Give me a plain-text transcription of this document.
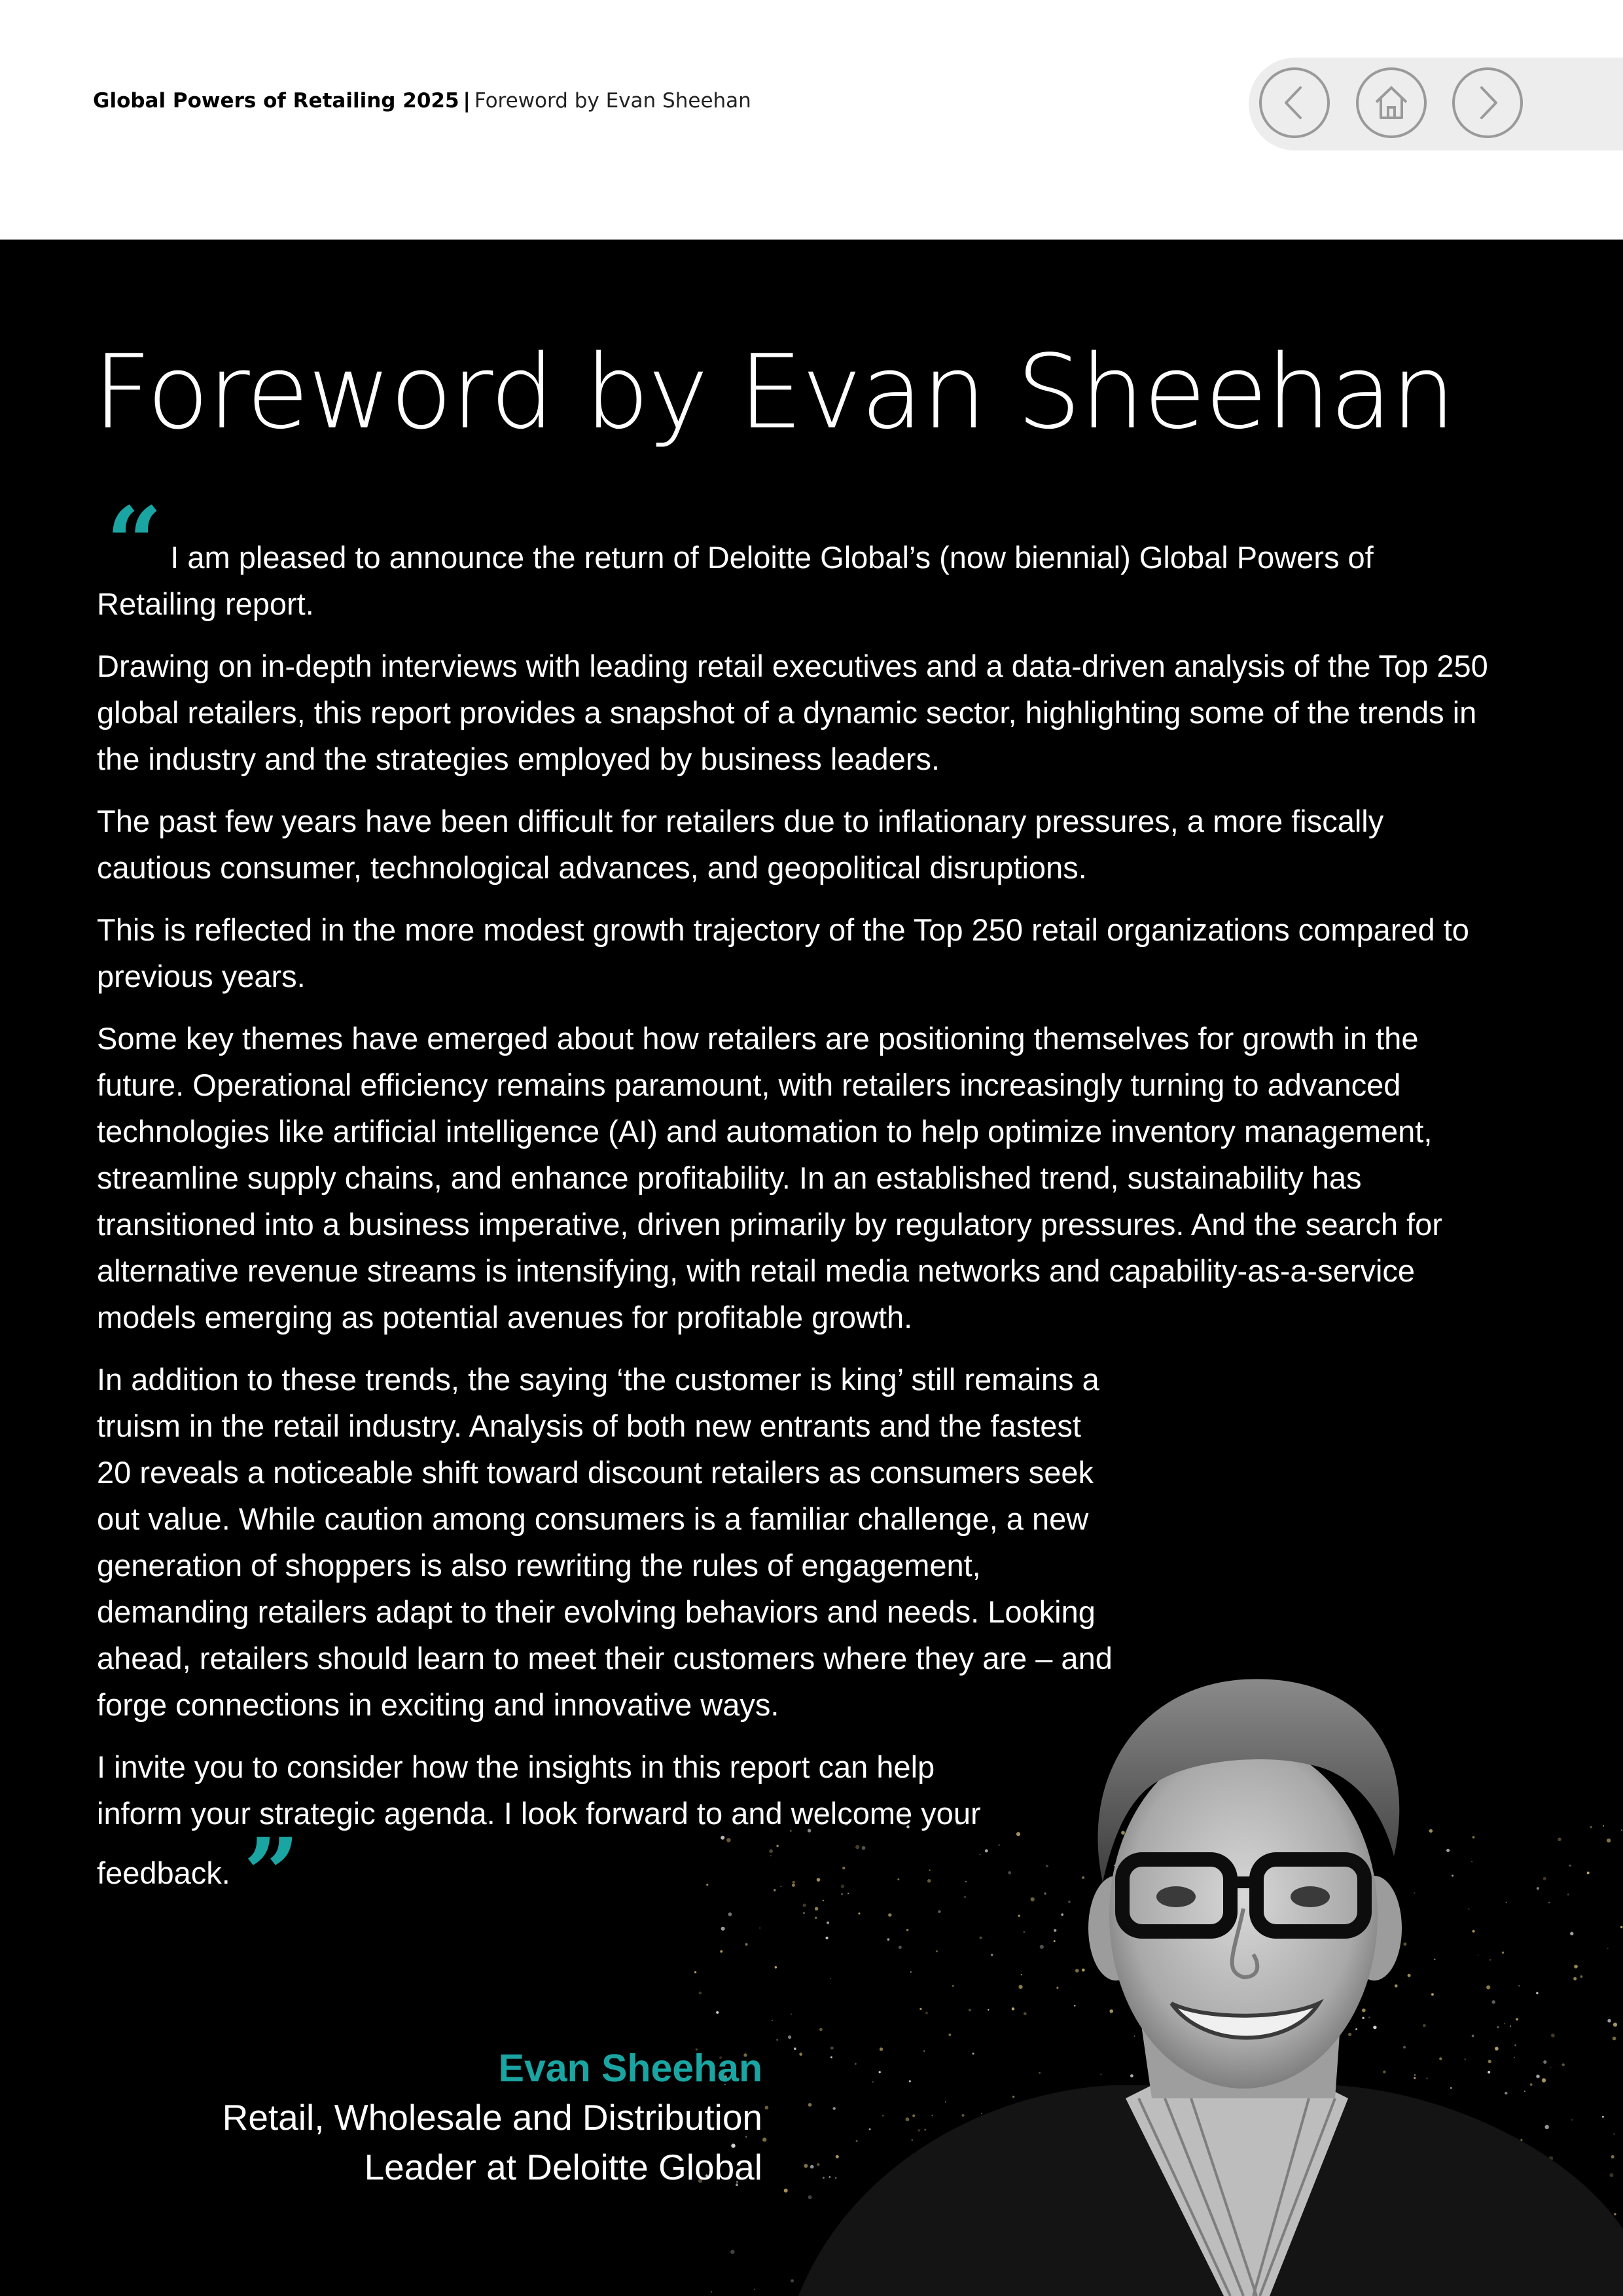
Global Powers of Retailing 2025 | Foreword by Evan Sheehan
Foreword by Evan Sheehan

“ I am pleased to announce the return of Deloitte Global’s (now biennial) Global Powers of Retailing report.

Drawing on in-depth interviews with leading retail executives and a data-driven analysis of the Top 250 global retailers, this report provides a snapshot of a dynamic sector, highlighting some of the trends in the industry and the strategies employed by business leaders.

The past few years have been difficult for retailers due to inflationary pressures, a more fiscally cautious consumer, technological advances, and geopolitical disruptions.

This is reflected in the more modest growth trajectory of the Top 250 retail organizations compared to previous years.

Some key themes have emerged about how retailers are positioning themselves for growth in the future. Operational efficiency remains paramount, with retailers increasingly turning to advanced technologies like artificial intelligence (AI) and automation to help optimize inventory management, streamline supply chains, and enhance profitability. In an established trend, sustainability has transitioned into a business imperative, driven primarily by regulatory pressures. And the search for alternative revenue streams is intensifying, with retail media networks and capability-as-a-service models emerging as potential avenues for profitable growth.

In addition to these trends, the saying ‘the customer is king’ still remains a truism in the retail industry. Analysis of both new entrants and the fastest 20 reveals a noticeable shift toward discount retailers as consumers seek out value. While caution among consumers is a familiar challenge, a new generation of shoppers is also rewriting the rules of engagement, demanding retailers adapt to their evolving behaviors and needs. Looking ahead, retailers should learn to meet their customers where they are – and forge connections in exciting and innovative ways.

I invite you to consider how the insights in this report can help inform your strategic agenda. I look forward to and welcome your feedback. ”

Evan Sheehan
Retail, Wholesale and Distribution
Leader at Deloitte Global
